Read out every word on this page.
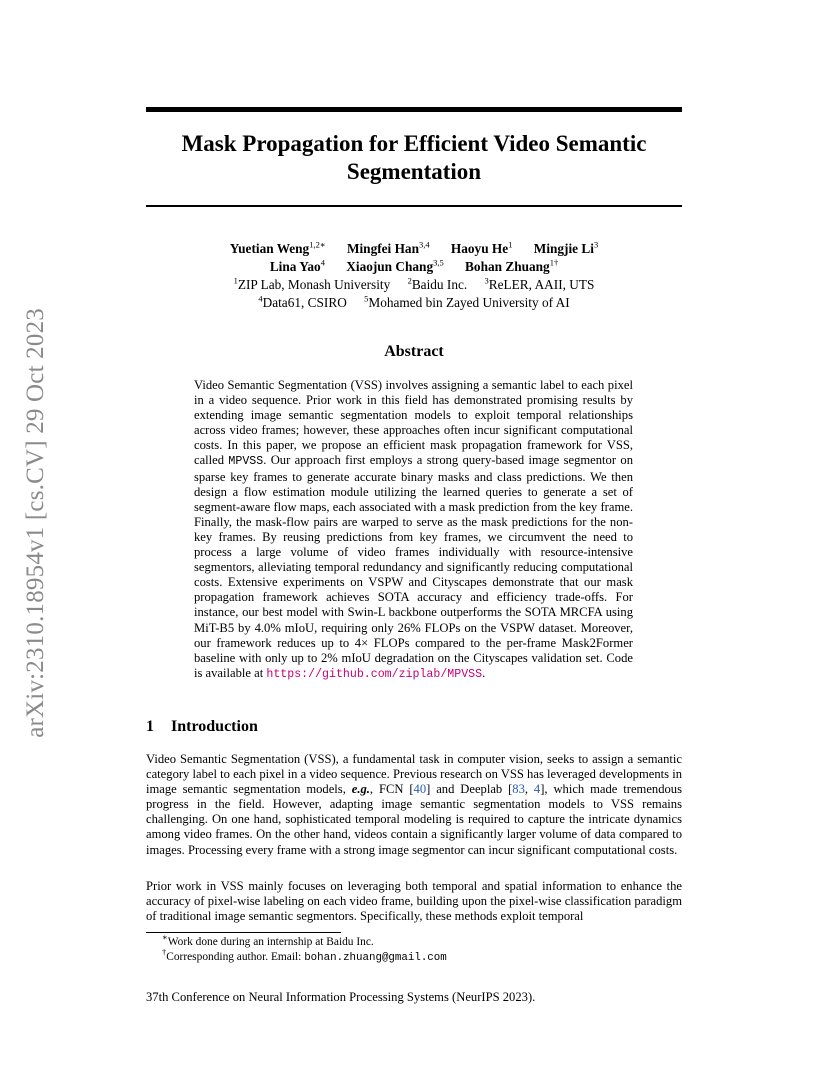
arXiv:2310.18954v1 [cs.CV] 29 Oct 2023
Mask Propagation for Efficient Video Semantic
Segmentation
Yuetian Weng$^{1,2∗}$ Mingfei Han$^{3,4}$ Haoyu He$^1$ Mingjie Li$^3$
Lina Yao$^4$ Xiaojun Chang$^{3,5}$ Bohan Zhuang$^{1\dagger}$
$^1$ZIP Lab, Monash University $^2$Baidu Inc. $^3$ReLER, AAII, UTS
$^4$Data61, CSIRO $^5$Mohamed bin Zayed University of AI
Abstract
Video Semantic Segmentation (VSS) involves assigning a semantic label to each pixel in a video sequence. Prior work in this field has demonstrated promising results by extending image semantic segmentation models to exploit temporal relationships across video frames; however, these approaches often incur significant computational costs. In this paper, we propose an efficient mask propagation framework for VSS, called MPVSS. Our approach first employs a strong query-based image segmentor on sparse key frames to generate accurate binary masks and class predictions. We then design a flow estimation module utilizing the learned queries to generate a set of segment-aware flow maps, each associated with a mask prediction from the key frame. Finally, the mask-flow pairs are warped to serve as the mask predictions for the non-key frames. By reusing predictions from key frames, we circumvent the need to process a large volume of video frames individually with resource-intensive segmentors, alleviating temporal redundancy and significantly reducing computational costs. Extensive experiments on VSPW and Cityscapes demonstrate that our mask propagation framework achieves SOTA accuracy and efficiency trade-offs. For instance, our best model with Swin-L backbone outperforms the SOTA MRCFA using MiT-B5 by 4.0% mIoU, requiring only 26% FLOPs on the VSPW dataset. Moreover, our framework reduces up to 4× FLOPs compared to the per-frame Mask2Former baseline with only up to 2% mIoU degradation on the Cityscapes validation set. Code is available at https://github.com/ziplab/MPVSS.
1 Introduction
Video Semantic Segmentation (VSS), a fundamental task in computer vision, seeks to assign a semantic category label to each pixel in a video sequence. Previous research on VSS has leveraged developments in image semantic segmentation models, e.g., FCN [40] and Deeplab [83, 4], which made tremendous progress in the field. However, adapting image semantic segmentation models to VSS remains challenging. On one hand, sophisticated temporal modeling is required to capture the intricate dynamics among video frames. On the other hand, videos contain a significantly larger volume of data compared to images. Processing every frame with a strong image segmentor can incur significant computational costs.
Prior work in VSS mainly focuses on leveraging both temporal and spatial information to enhance the accuracy of pixel-wise labeling on each video frame, building upon the pixel-wise classification paradigm of traditional image semantic segmentors. Specifically, these methods exploit temporal
∗Work done during an internship at Baidu Inc.
†Corresponding author. Email: bohan.zhuang@gmail.com
37th Conference on Neural Information Processing Systems (NeurIPS 2023).
